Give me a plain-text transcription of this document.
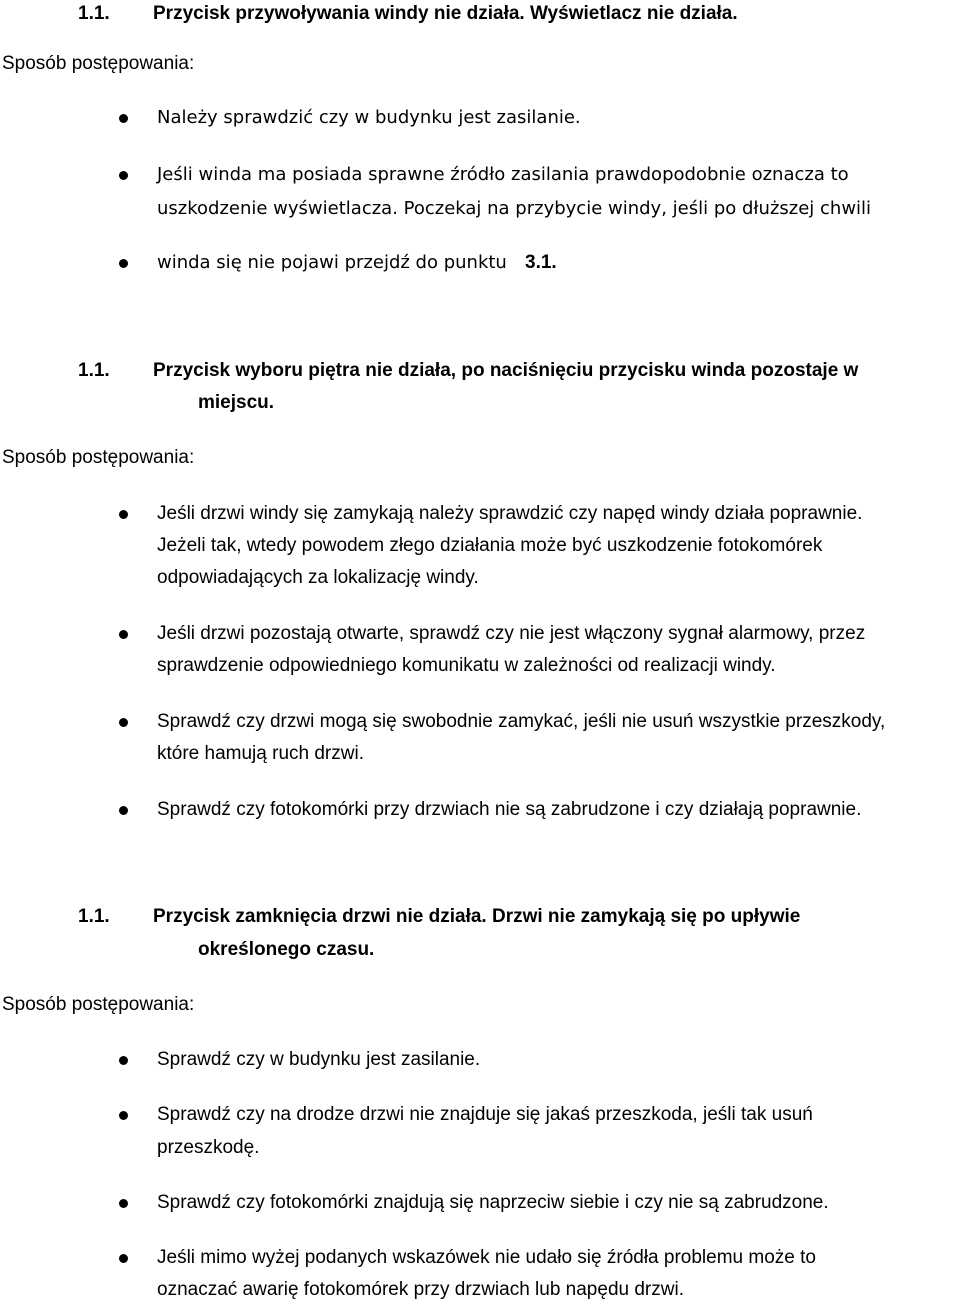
1.1. Przycisk przywoływania windy nie działa. Wyświetlacz nie działa.
Sposób postępowania:
Należy sprawdzić czy w budynku jest zasilanie.
Jeśli winda ma posiada sprawne źródło zasilania prawdopodobnie oznacza to
uszkodzenie wyświetlacza. Poczekaj na przybycie windy, jeśli po dłuższej chwili
winda się nie pojawi przejdź do punktu 3.1.
1.1. Przycisk wyboru piętra nie działa, po naciśnięciu przycisku winda pozostaje w
miejscu.
Sposób postępowania:
Jeśli drzwi windy się zamykają należy sprawdzić czy napęd windy działa poprawnie.
Jeżeli tak, wtedy powodem złego działania może być uszkodzenie fotokomórek
odpowiadających za lokalizację windy.
Jeśli drzwi pozostają otwarte, sprawdź czy nie jest włączony sygnał alarmowy, przez
sprawdzenie odpowiedniego komunikatu w zależności od realizacji windy.
Sprawdź czy drzwi mogą się swobodnie zamykać, jeśli nie usuń wszystkie przeszkody,
które hamują ruch drzwi.
Sprawdź czy fotokomórki przy drzwiach nie są zabrudzone i czy działają poprawnie.
1.1. Przycisk zamknięcia drzwi nie działa. Drzwi nie zamykają się po upływie
określonego czasu.
Sposób postępowania:
Sprawdź czy w budynku jest zasilanie.
Sprawdź czy na drodze drzwi nie znajduje się jakaś przeszkoda, jeśli tak usuń
przeszkodę.
Sprawdź czy fotokomórki znajdują się naprzeciw siebie i czy nie są zabrudzone.
Jeśli mimo wyżej podanych wskazówek nie udało się źródła problemu może to
oznaczać awarię fotokomórek przy drzwiach lub napędu drzwi.
